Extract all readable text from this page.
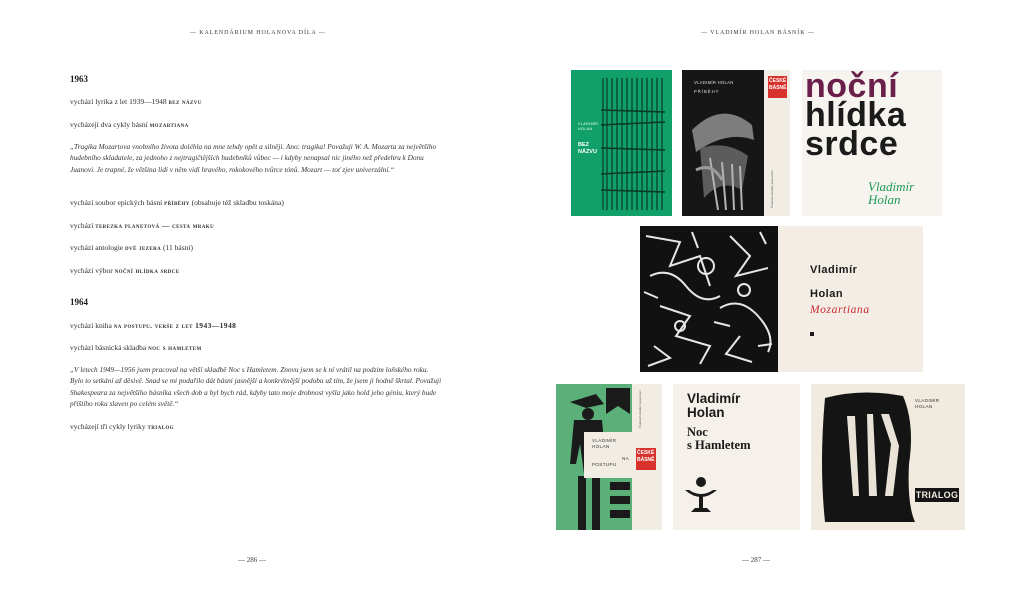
— KALENDÁRIUM HOLANOVA DÍLA —
1963
vychází lyrika z let 1939—1948 bez názvu
vycházejí dva cykly básní mozartiana
„Tragika Mozartova vnobního života doléhla na mne tehdy opět a silněji. Ano: tragika! Považuji W. A. Mozarta za největšího hudebního skladatele, za jednoho z nejtragičtějších hudebníků vůbec — i kdyby nenapsal nic jiného než předehru k Donu Juanovi. Je trapné, že většina lidí v něm vidí hravého, rokokového tvůrce tónů. Mozart — toť zjev univerzální.“
vychází soubor epických básní příběhy (obsahuje též skladbu toskána)
vychází terezka planetová — cesta mraku
vychází antologie dvě jezera (11 básní)
vychází výbor noční hlídka srdce
1964
vychází kniha na postupu. verše z let 1943—1948
vychází básnická skladba noc s hamletem
„V letech 1949—1956 jsem pracoval na větší skladbě Noc s Hamletem. Znovu jsem se k ní vrátil na podzim loňského roku. Bylo to setkání až děsivé. Snad se mi podařilo dát básni jasnější a konkrétnější podobu už tím, že jsem ji hodně škrtal. Považuji Shakespeara za největšího básníka všech dob a byl bych rád, kdyby tato moje drobnost vyšla jako hold jeho géniu, který bude příštího roku slaven po celém světě.“
vycházejí tři cykly lyriky trialog
— 286 —
— VLADIMÍR HOLAN BÁSNÍK —
VLADIMÍR HOLAN
BEZ
NÁZVU
VLADIMÍR HOLAN
PŘÍBĚHY
ČESKÉ
BÁSNĚ
Československý spisovatel
noční
hlídka
srdce
Vladimír
Holan
Vladimír
Holan
Mozartiana
VLADIMÍR
HOLAN
NA
POSTUPU
ČESKÉ
BÁSNĚ
Československý spisovatel	Vladimír
Holan
Noc
s Hamletem
VLADIMÍR
HOLAN
TRIALOG
— 287 —
